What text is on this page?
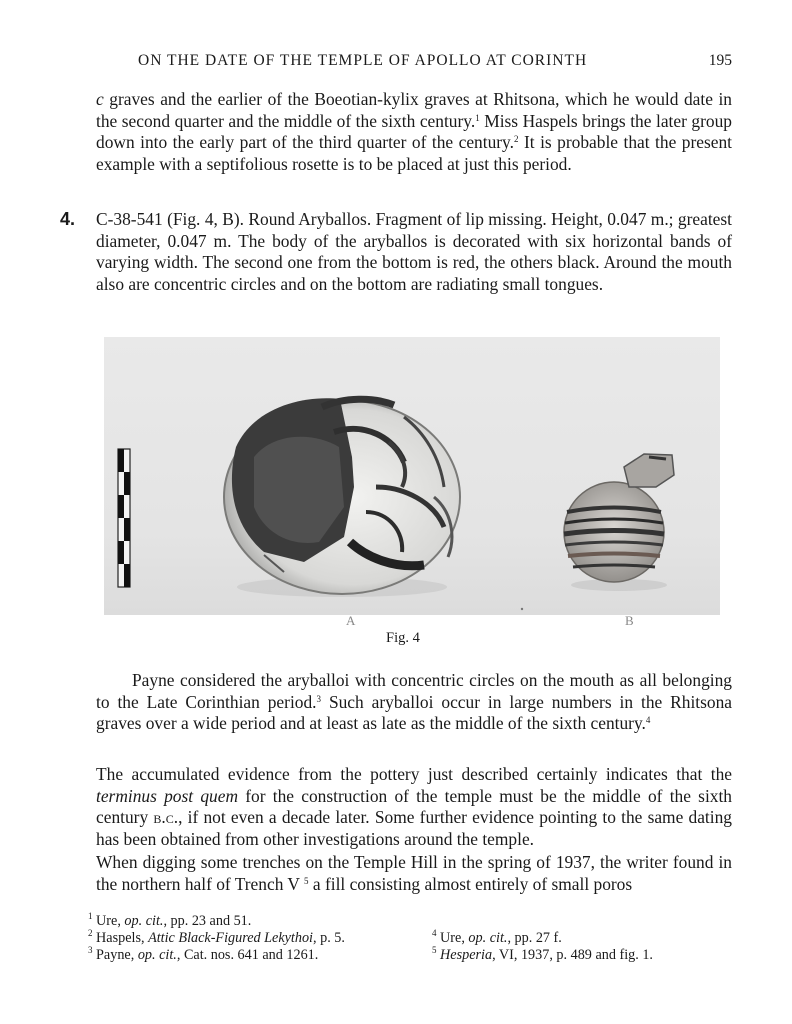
ON THE DATE OF THE TEMPLE OF APOLLO AT CORINTH	195
c graves and the earlier of the Boeotian-kylix graves at Rhitsona, which he would date in the second quarter and the middle of the sixth century.$^1$ Miss Haspels brings the later group down into the early part of the third quarter of the century.$^2$ It is probable that the present example with a septifolious rosette is to be placed at just this period.
4. C-38-541 (Fig. 4, B). Round Aryballos. Fragment of lip missing. Height, 0.047 m.; greatest diameter, 0.047 m. The body of the aryballos is decorated with six horizontal bands of varying width. The second one from the bottom is red, the others black. Around the mouth also are concentric circles and on the bottom are radiating small tongues.
A	B
Fig. 4
Payne considered the aryballoi with concentric circles on the mouth as all belonging to the Late Corinthian period.$^3$ Such aryballoi occur in large numbers in the Rhitsona graves over a wide period and at least as late as the middle of the sixth century.$^4$
The accumulated evidence from the pottery just described certainly indicates that the terminus post quem for the construction of the temple must be the middle of the sixth century b.c., if not even a decade later. Some further evidence pointing to the same dating has been obtained from other investigations around the temple.
When digging some trenches on the Temple Hill in the spring of 1937, the writer found in the northern half of Trench V $^5$ a fill consisting almost entirely of small poros
$^1$ Ure, op. cit., pp. 23 and 51.
$^2$ Haspels, Attic Black-Figured Lekythoi, p. 5.
$^3$ Payne, op. cit., Cat. nos. 641 and 1261.
$^4$ Ure, op. cit., pp. 27 f.
$^5$ Hesperia, VI, 1937, p. 489 and fig. 1.
